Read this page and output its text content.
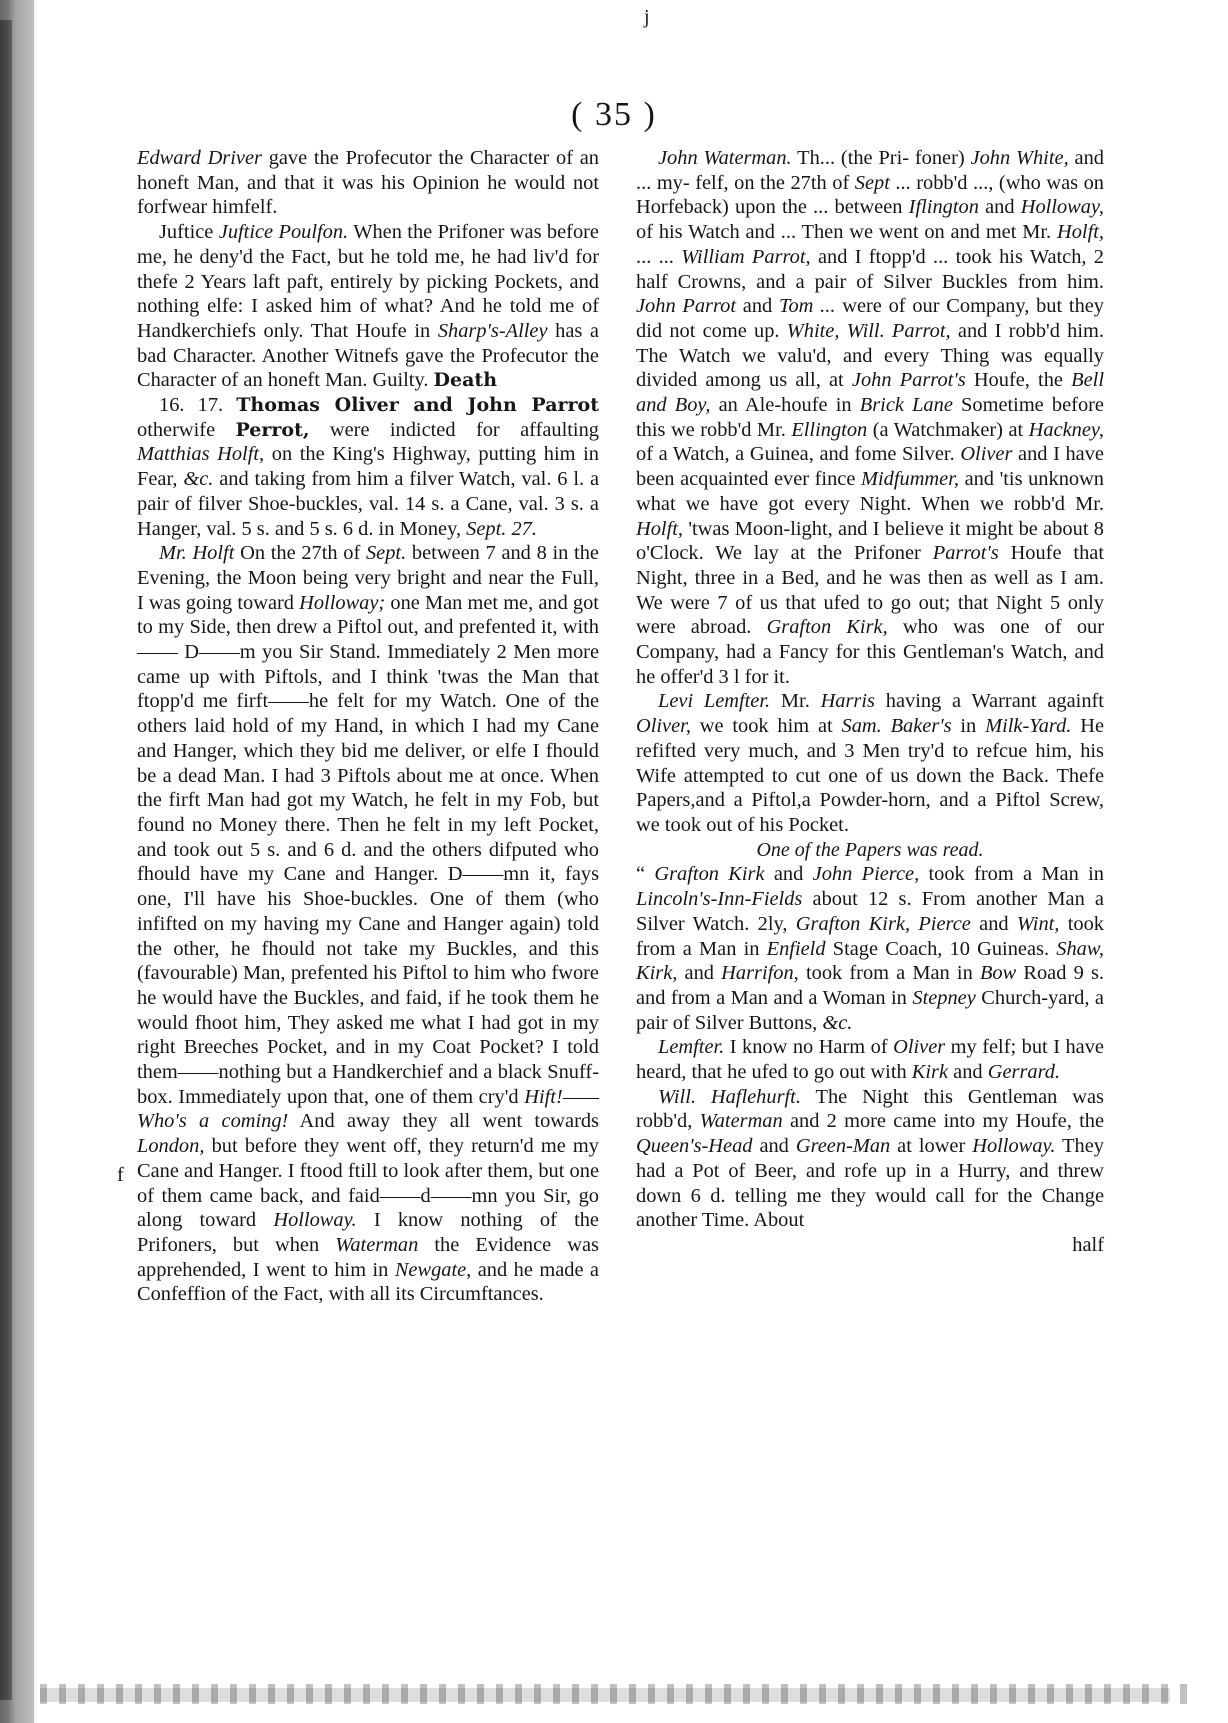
j
( 35 )
f

Edward Driver gave the Profecutor the Character of an honeft Man, and that it was his Opinion he would not forfwear himfelf.

Juftice Juftice Poulfon. When the Prifoner was before me, he deny'd the Fact, but he told me, he had liv'd for thefe 2 Years laft paft, entirely by picking Pockets, and nothing elfe: I asked him of what? And he told me of Handkerchiefs only. That Houfe in Sharp's-Alley has a bad Character. Another Witnefs gave the Profecutor the Character of an honeft Man. Guilty. Death

16. 17. Thomas Oliver and John Parrot otherwife Perrot, were indicted for affaulting Matthias Holft, on the King's Highway, putting him in Fear, &c. and taking from him a filver Watch, val. 6 l. a pair of filver Shoe-buckles, val. 14 s. a Cane, val. 3 s. a Hanger, val. 5 s. and 5 s. 6 d. in Money, Sept. 27.

Mr. Holft On the 27th of Sept. between 7 and 8 in the Evening, the Moon being very bright and near the Full, I was going toward Holloway; one Man met me, and got to my Side, then drew a Piftol out, and prefented it, with —— D——m you Sir Stand. Immediately 2 Men more came up with Piftols, and I think 'twas the Man that ftopp'd me firft——he felt for my Watch. One of the others laid hold of my Hand, in which I had my Cane and Hanger, which they bid me deliver, or elfe I fhould be a dead Man. I had 3 Piftols about me at once. When the firft Man had got my Watch, he felt in my Fob, but found no Money there. Then he felt in my left Pocket, and took out 5 s. and 6 d. and the others difputed who fhould have my Cane and Hanger. D——mn it, fays one, I'll have his Shoe-buckles. One of them (who infifted on my having my Cane and Hanger again) told the other, he fhould not take my Buckles, and this (favourable) Man, prefented his Piftol to him who fwore he would have the Buckles, and faid, if he took them he would fhoot him, They asked me what I had got in my right Breeches Pocket, and in my Coat Pocket? I told them——nothing but a Handkerchief and a black Snuff-box. Immediately upon that, one of them cry'd Hift!——Who's a coming! And away they all went towards London, but before they went off, they return'd me my Cane and Hanger. I ftood ftill to look after them, but one of them came back, and faid——d——mn you Sir, go along toward Holloway. I know nothing of the Prifoners, but when Waterman the Evidence was apprehended, I went to him in Newgate, and he made a Confeffion of the Fact, with all its Circumftances.

John Waterman. Th... (the Pri- foner) John White, and ... my- felf, on the 27th of Sept ... robb'd ..., (who was on Horfeback) upon the ... between Iflington and Holloway, of his Watch and ... Then we went on and met Mr. Holft, ... ... William Parrot, and I ftopp'd ... took his Watch, 2 half Crowns, and a pair of Silver Buckles from him. John Parrot and Tom ... were of our Company, but they did not come up. White, Will. Parrot, and I robb'd him. The Watch we valu'd, and every Thing was equally divided among us all, at John Parrot's Houfe, the Bell and Boy, an Ale-houfe in Brick Lane Sometime before this we robb'd Mr. Ellington (a Watchmaker) at Hackney, of a Watch, a Guinea, and fome Silver. Oliver and I have been acquainted ever fince Midfummer, and 'tis unknown what we have got every Night. When we robb'd Mr. Holft, 'twas Moon-light, and I believe it might be about 8 o'Clock. We lay at the Prifoner Parrot's Houfe that Night, three in a Bed, and he was then as well as I am. We were 7 of us that ufed to go out; that Night 5 only were abroad. Grafton Kirk, who was one of our Company, had a Fancy for this Gentleman's Watch, and he offer'd 3 l for it.

Levi Lemfter. Mr. Harris having a Warrant againft Oliver, we took him at Sam. Baker's in Milk-Yard. He refifted very much, and 3 Men try'd to refcue him, his Wife attempted to cut one of us down the Back. Thefe Papers,and a Piftol,a Powder-horn, and a Piftol Screw, we took out of his Pocket.

One of the Papers was read.

“ Grafton Kirk and John Pierce, took from a Man in Lincoln's-Inn-Fields about 12 s. From another Man a Silver Watch. 2ly, Grafton Kirk, Pierce and Wint, took from a Man in Enfield Stage Coach, 10 Guineas. Shaw, Kirk, and Harrifon, took from a Man in Bow Road 9 s. and from a Man and a Woman in Stepney Church-yard, a pair of Silver Buttons, &c.

Lemfter. I know no Harm of Oliver my felf; but I have heard, that he ufed to go out with Kirk and Gerrard.

Will. Haflehurft. The Night this Gentleman was robb'd, Waterman and 2 more came into my Houfe, the Queen's-Head and Green-Man at lower Holloway. They had a Pot of Beer, and rofe up in a Hurry, and threw down 6 d. telling me they would call for the Change another Time. About
half
